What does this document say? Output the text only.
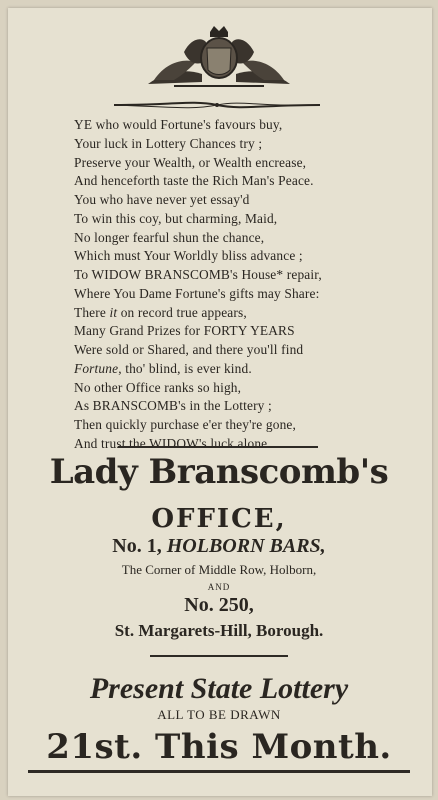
YE who would Fortune's favours buy,
Your luck in Lottery Chances try ;
Preserve your Wealth, or Wealth encrease,
And henceforth taste the Rich Man's Peace.
You who have never yet essay'd
To win this coy, but charming, Maid,
No longer fearful shun the chance,
Which must Your Worldly bliss advance ;
To WIDOW BRANSCOMB's House* repair,
Where You Dame Fortune's gifts may Share:
There it on record true appears,
Many Grand Prizes for FORTY YEARS
Were sold or Shared, and there you'll find
Fortune, tho' blind, is ever kind.
No other Office ranks so high,
As BRANSCOMB's in the Lottery ;
Then quickly purchase e'er they're gone,
And trust the WIDOW's luck alone
Lady Branscomb's
OFFICE,
No. 1, HOLBORN BARS,
The Corner of Middle Row, Holborn,
AND
No. 250,
St. Margarets-Hill, Borough.
Present State Lottery
ALL TO BE DRAWN
21st. This Month.
